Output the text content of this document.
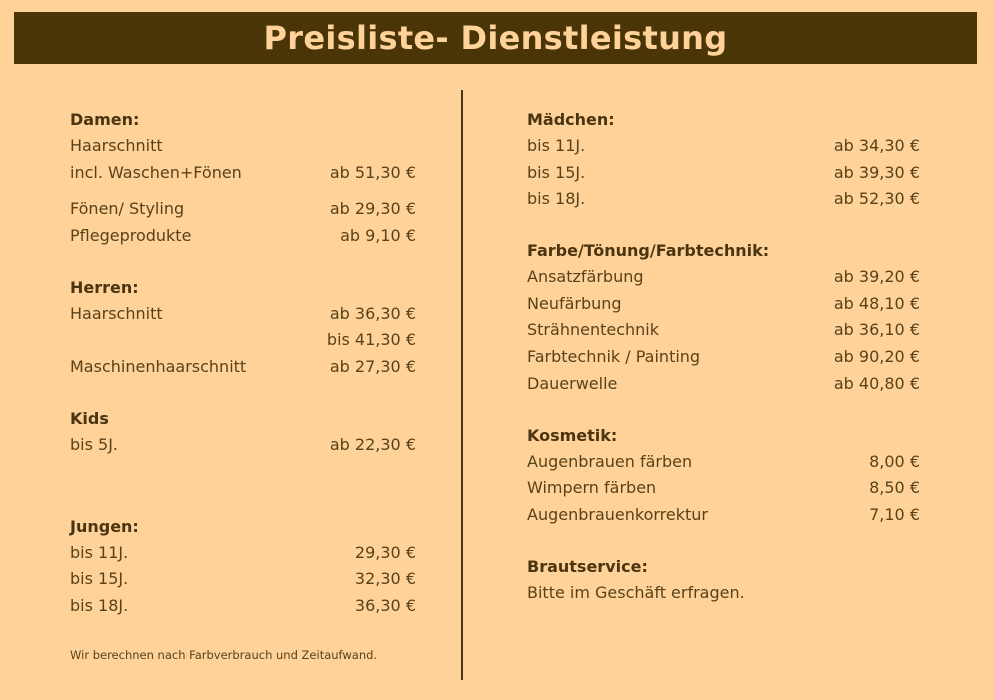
Preisliste- Dienstleistung
Damen:
Haarschnitt
incl. Waschen+Fönen	ab 51,30 €
Fönen/ Styling	ab 29,30 €
Pflegeprodukte	ab 9,10 €
Herren:
Haarschnitt	ab 36,30 €
bis 41,30 €
Maschinenhaarschnitt	ab 27,30 €
Kids
bis 5J.	ab 22,30 €
Jungen:
bis 11J.	29,30 €
bis 15J.	32,30 €
bis 18J.	36,30 €
Wir berechnen nach Farbverbrauch und Zeitaufwand.
Mädchen:
bis 11J.	ab 34,30 €
bis 15J.	ab 39,30 €
bis 18J.	ab 52,30 €
Farbe/Tönung/Farbtechnik:
Ansatzfärbung	ab 39,20 €
Neufärbung	ab 48,10 €
Strähnentechnik	ab 36,10 €
Farbtechnik / Painting	ab 90,20 €
Dauerwelle	ab 40,80 €
Kosmetik:
Augenbrauen färben	8,00 €
Wimpern färben	8,50 €
Augenbrauenkorrektur	7,10 €
Brautservice:
Bitte im Geschäft erfragen.
